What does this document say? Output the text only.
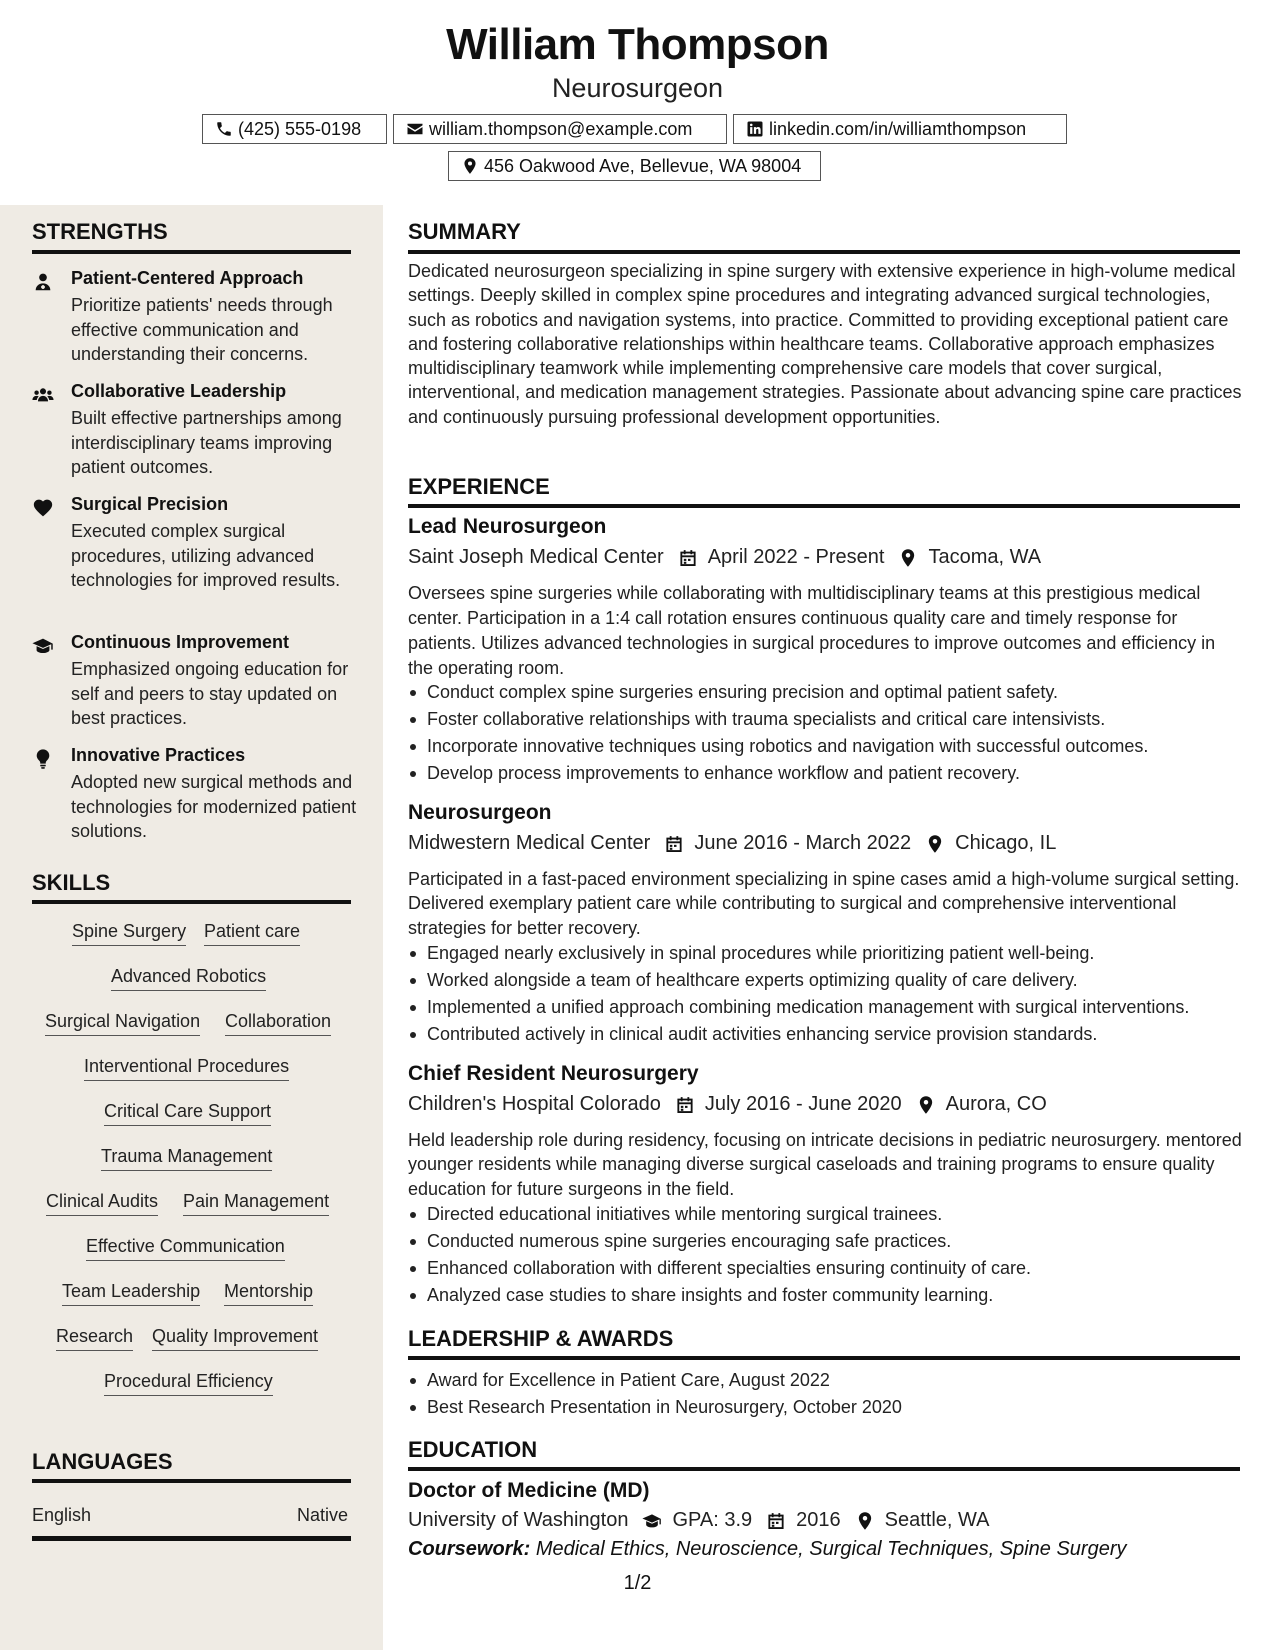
William Thompson
Neurosurgeon
(425) 555-0198	william.thompson@example.com	linkedin.com/in/williamthompson
456 Oakwood Ave, Bellevue, WA 98004
STRENGTHS
Patient-Centered Approach
Prioritize patients' needs through effective communication and understanding their concerns.
Collaborative Leadership
Built effective partnerships among interdisciplinary teams improving patient outcomes.
Surgical Precision
Executed complex surgical procedures, utilizing advanced technologies for improved results.
Continuous Improvement
Emphasized ongoing education for self and peers to stay updated on best practices.
Innovative Practices
Adopted new surgical methods and technologies for modernized patient solutions.
SKILLS
Spine Surgery Patient care
Advanced Robotics
Surgical Navigation Collaboration
Interventional Procedures
Critical Care Support
Trauma Management
Clinical Audits Pain Management
Effective Communication
Team Leadership Mentorship
Research Quality Improvement
Procedural Efficiency
LANGUAGES
English	Native
SUMMARY
Dedicated neurosurgeon specializing in spine surgery with extensive experience in high-volume medical settings. Deeply skilled in complex spine procedures and integrating advanced surgical technologies, such as robotics and navigation systems, into practice. Committed to providing exceptional patient care and fostering collaborative relationships within healthcare teams. Collaborative approach emphasizes multidisciplinary teamwork while implementing comprehensive care models that cover surgical, interventional, and medication management strategies. Passionate about advancing spine care practices and continuously pursuing professional development opportunities.
EXPERIENCE
Lead Neurosurgeon
Saint Joseph Medical Center April 2022 - Present Tacoma, WA
Oversees spine surgeries while collaborating with multidisciplinary teams at this prestigious medical center. Participation in a 1:4 call rotation ensures continuous quality care and timely response for patients. Utilizes advanced technologies in surgical procedures to improve outcomes and efficiency in the operating room.
Conduct complex spine surgeries ensuring precision and optimal patient safety.
Foster collaborative relationships with trauma specialists and critical care intensivists.
Incorporate innovative techniques using robotics and navigation with successful outcomes.
Develop process improvements to enhance workflow and patient recovery.
Neurosurgeon
Midwestern Medical Center June 2016 - March 2022 Chicago, IL
Participated in a fast-paced environment specializing in spine cases amid a high-volume surgical setting. Delivered exemplary patient care while contributing to surgical and comprehensive interventional strategies for better recovery.
Engaged nearly exclusively in spinal procedures while prioritizing patient well-being.
Worked alongside a team of healthcare experts optimizing quality of care delivery.
Implemented a unified approach combining medication management with surgical interventions.
Contributed actively in clinical audit activities enhancing service provision standards.
Chief Resident Neurosurgery
Children's Hospital Colorado July 2016 - June 2020 Aurora, CO
Held leadership role during residency, focusing on intricate decisions in pediatric neurosurgery. mentored younger residents while managing diverse surgical caseloads and training programs to ensure quality education for future surgeons in the field.
Directed educational initiatives while mentoring surgical trainees.
Conducted numerous spine surgeries encouraging safe practices.
Enhanced collaboration with different specialties ensuring continuity of care.
Analyzed case studies to share insights and foster community learning.
LEADERSHIP & AWARDS
Award for Excellence in Patient Care, August 2022
Best Research Presentation in Neurosurgery, October 2020
EDUCATION
Doctor of Medicine (MD)
University of Washington GPA: 3.9 2016 Seattle, WA
Coursework: Medical Ethics, Neuroscience, Surgical Techniques, Spine Surgery
1/2
